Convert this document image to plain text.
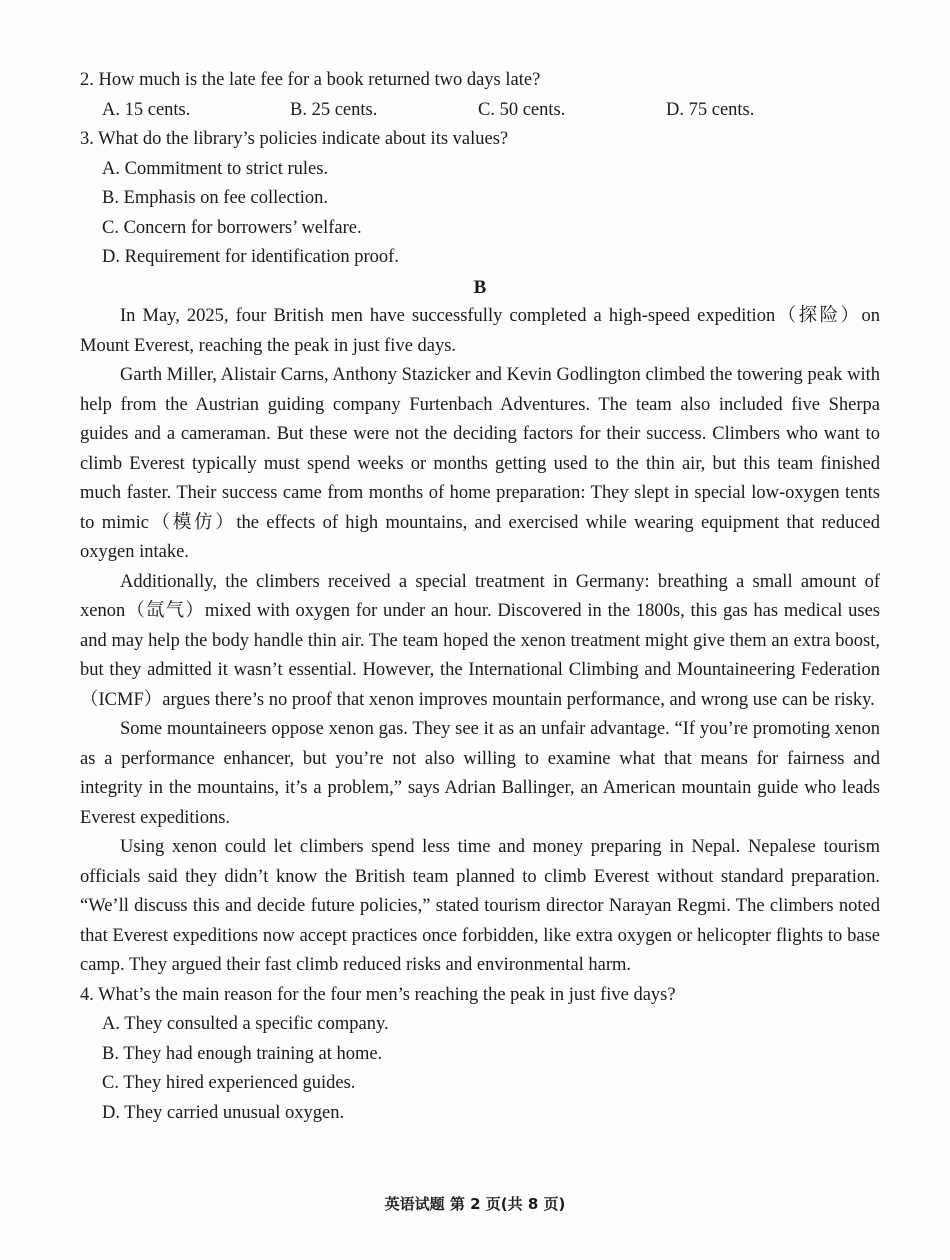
2. How much is the late fee for a book returned two days late?

A. 15 cents.	B. 25 cents.	C. 50 cents.	D. 75 cents.

3. What do the library’s policies indicate about its values?

A. Commitment to strict rules.

B. Emphasis on fee collection.

C. Concern for borrowers’ welfare.

D. Requirement for identification proof.

B

In May, 2025, four British men have successfully completed a high-speed expedition（探险）on Mount Everest, reaching the peak in just five days.

Garth Miller, Alistair Carns, Anthony Stazicker and Kevin Godlington climbed the towering peak with help from the Austrian guiding company Furtenbach Adventures. The team also included five Sherpa guides and a cameraman. But these were not the deciding factors for their success. Climbers who want to climb Everest typically must spend weeks or months getting used to the thin air, but this team finished much faster. Their success came from months of home preparation: They slept in special low-oxygen tents to mimic（模仿）the effects of high mountains, and exercised while wearing equipment that reduced oxygen intake.

Additionally, the climbers received a special treatment in Germany: breathing a small amount of xenon（氙气）mixed with oxygen for under an hour. Discovered in the 1800s, this gas has medical uses and may help the body handle thin air. The team hoped the xenon treatment might give them an extra boost, but they admitted it wasn’t essential. However, the International Climbing and Mountaineering Federation（ICMF）argues there’s no proof that xenon improves mountain performance, and wrong use can be risky.

Some mountaineers oppose xenon gas. They see it as an unfair advantage. “If you’re promoting xenon as a performance enhancer, but you’re not also willing to examine what that means for fairness and integrity in the mountains, it’s a problem,” says Adrian Ballinger, an American mountain guide who leads Everest expeditions.

Using xenon could let climbers spend less time and money preparing in Nepal. Nepalese tourism officials said they didn’t know the British team planned to climb Everest without standard preparation. “We’ll discuss this and decide future policies,” stated tourism director Narayan Regmi. The climbers noted that Everest expeditions now accept practices once forbidden, like extra oxygen or helicopter flights to base camp. They argued their fast climb reduced risks and environmental harm.

4. What’s the main reason for the four men’s reaching the peak in just five days?

A. They consulted a specific company.

B. They had enough training at home.

C. They hired experienced guides.

D. They carried unusual oxygen.

英语试题 第 2 页(共 8 页)
